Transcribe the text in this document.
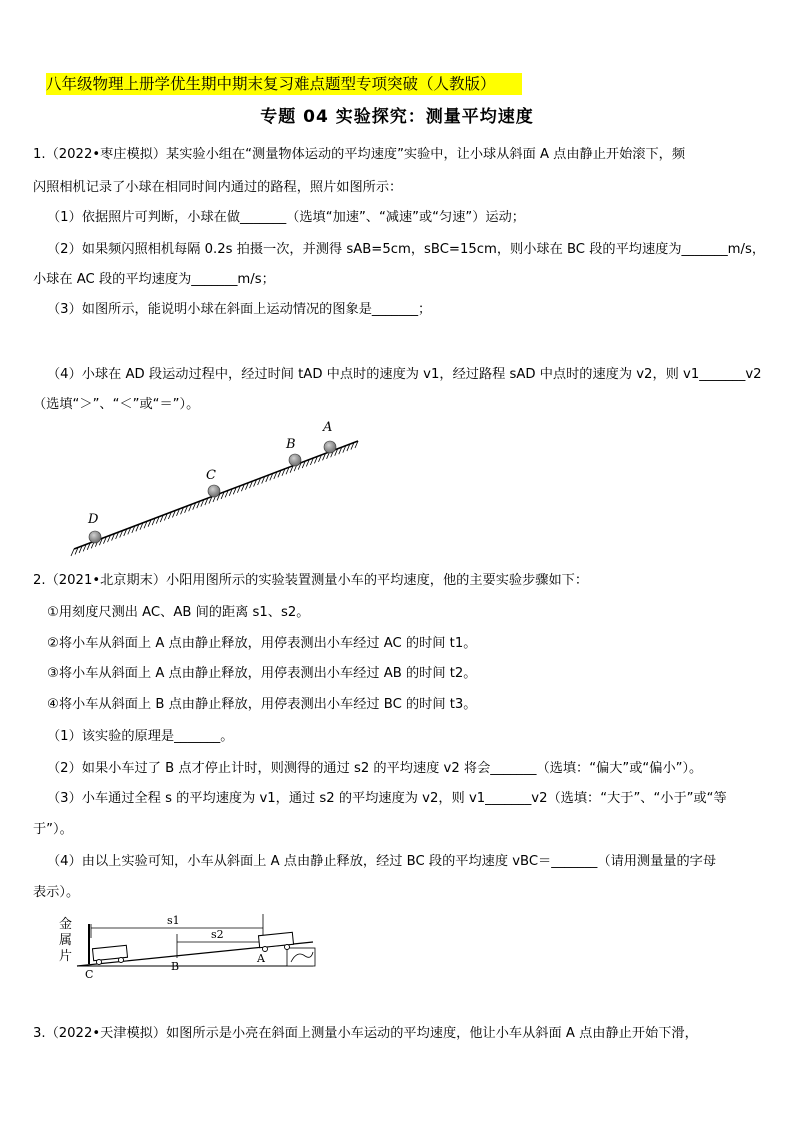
八年级物理上册学优生期中期末复习难点题型专项突破（人教版）
专题 04 实验探究：测量平均速度
1.（2022•枣庄模拟）某实验小组在“测量物体运动的平均速度”实验中，让小球从斜面 A 点由静止开始滚下，频
闪照相机记录了小球在相同时间内通过的路程，照片如图所示：
（1）依据照片可判断，小球在做_______（选填“加速”、“减速”或“匀速”）运动；
（2）如果频闪照相机每隔 0.2s 拍摄一次，并测得 sAB=5cm，sBC=15cm，则小球在 BC 段的平均速度为_______m/s，
小球在 AC 段的平均速度为_______m/s；
（3）如图所示，能说明小球在斜面上运动情况的图象是_______；
（4）小球在 AD 段运动过程中，经过时间 tAD 中点时的速度为 v1，经过路程 sAD 中点时的速度为 v2，则 v1_______v2
（选填“＞”、“＜”或“＝”）。
D
C
B
A
2.（2021•北京期末）小阳用图所示的实验装置测量小车的平均速度，他的主要实验步骤如下：
①用刻度尺测出 AC、AB 间的距离 s1、s2。
②将小车从斜面上 A 点由静止释放，用停表测出小车经过 AC 的时间 t1。
③将小车从斜面上 A 点由静止释放，用停表测出小车经过 AB 的时间 t2。
④将小车从斜面上 B 点由静止释放，用停表测出小车经过 BC 的时间 t3。
（1）该实验的原理是_______。
（2）如果小车过了 B 点才停止计时，则测得的通过 s2 的平均速度 v2 将会_______（选填：“偏大”或“偏小”）。
（3）小车通过全程 s 的平均速度为 v1，通过 s2 的平均速度为 v2，则 v1_______v2（选填：“大于”、“小于”或“等
于”）。
（4）由以上实验可知，小车从斜面上 A 点由静止释放，经过 BC 段的平均速度 vBC＝_______（请用测量量的字母
表示）。
金
属
片
s1
s2
C
B
A
3.（2022•天津模拟）如图所示是小亮在斜面上测量小车运动的平均速度，他让小车从斜面 A 点由静止开始下滑，
